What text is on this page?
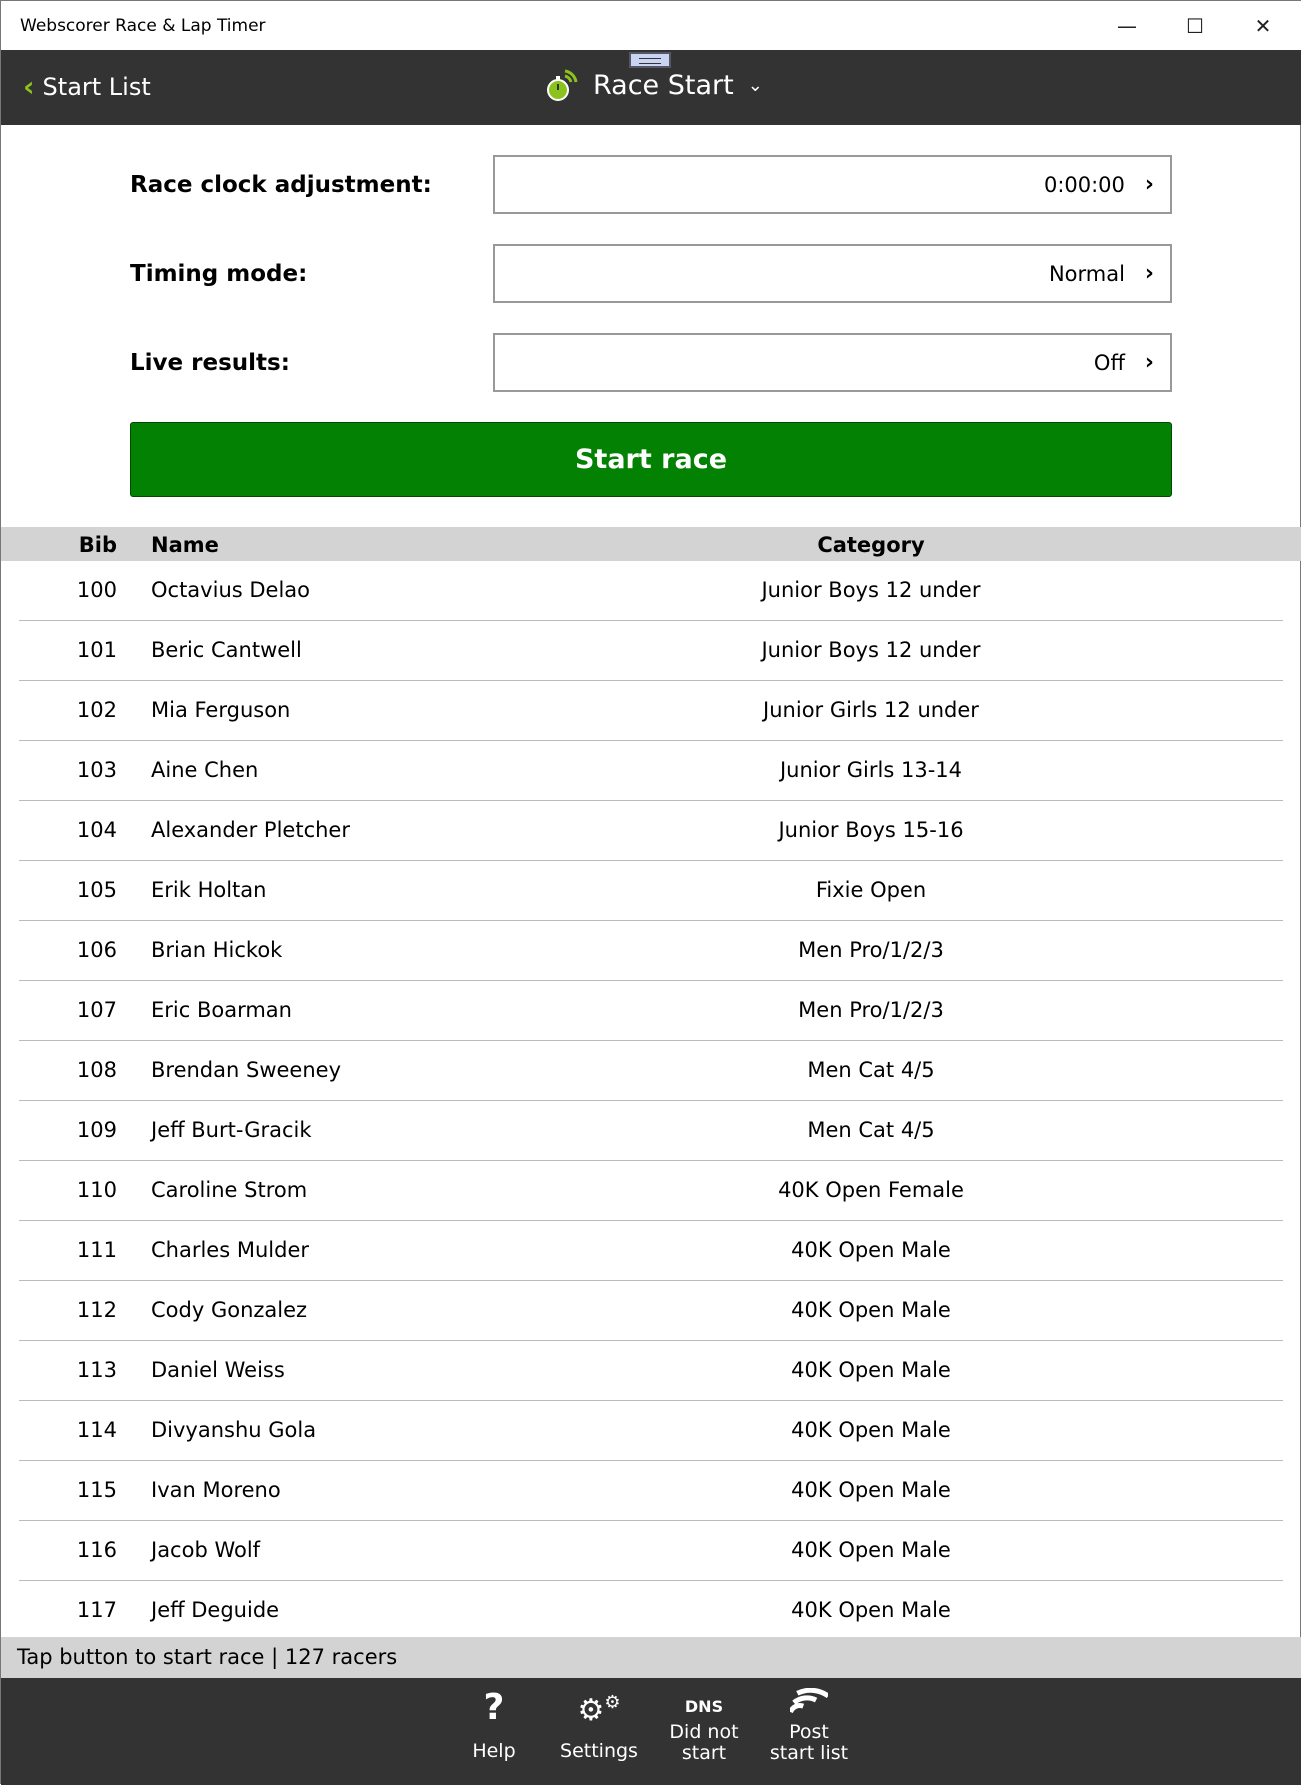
Webscorer Race & Lap Timer	—	☐	✕
‹ Start List	Race Start ⌄
Race clock adjustment:	0:00:00 ›
Timing mode:	Normal ›
Live results:	Off ›
Start race
Bib Name	Category
100 Octavius Delao	Junior Boys 12 under
101 Beric Cantwell	Junior Boys 12 under
102 Mia Ferguson	Junior Girls 12 under
103 Aine Chen	Junior Girls 13-14
104 Alexander Pletcher	Junior Boys 15-16
105 Erik Holtan	Fixie Open
106 Brian Hickok	Men Pro/1/2/3
107 Eric Boarman	Men Pro/1/2/3
108 Brendan Sweeney	Men Cat 4/5
109 Jeff Burt-Gracik	Men Cat 4/5
110 Caroline Strom	40K Open Female
111 Charles Mulder	40K Open Male
112 Cody Gonzalez	40K Open Male
113 Daniel Weiss	40K Open Male
114 Divyanshu Gola	40K Open Male
115 Ivan Moreno	40K Open Male
116 Jacob Wolf	40K Open Male
117 Jeff Deguide	40K Open Male
Tap button to start race | 127 racers
?
Help
⚙ ⚙
Settings
DNS
Did not
start
Post
start list
